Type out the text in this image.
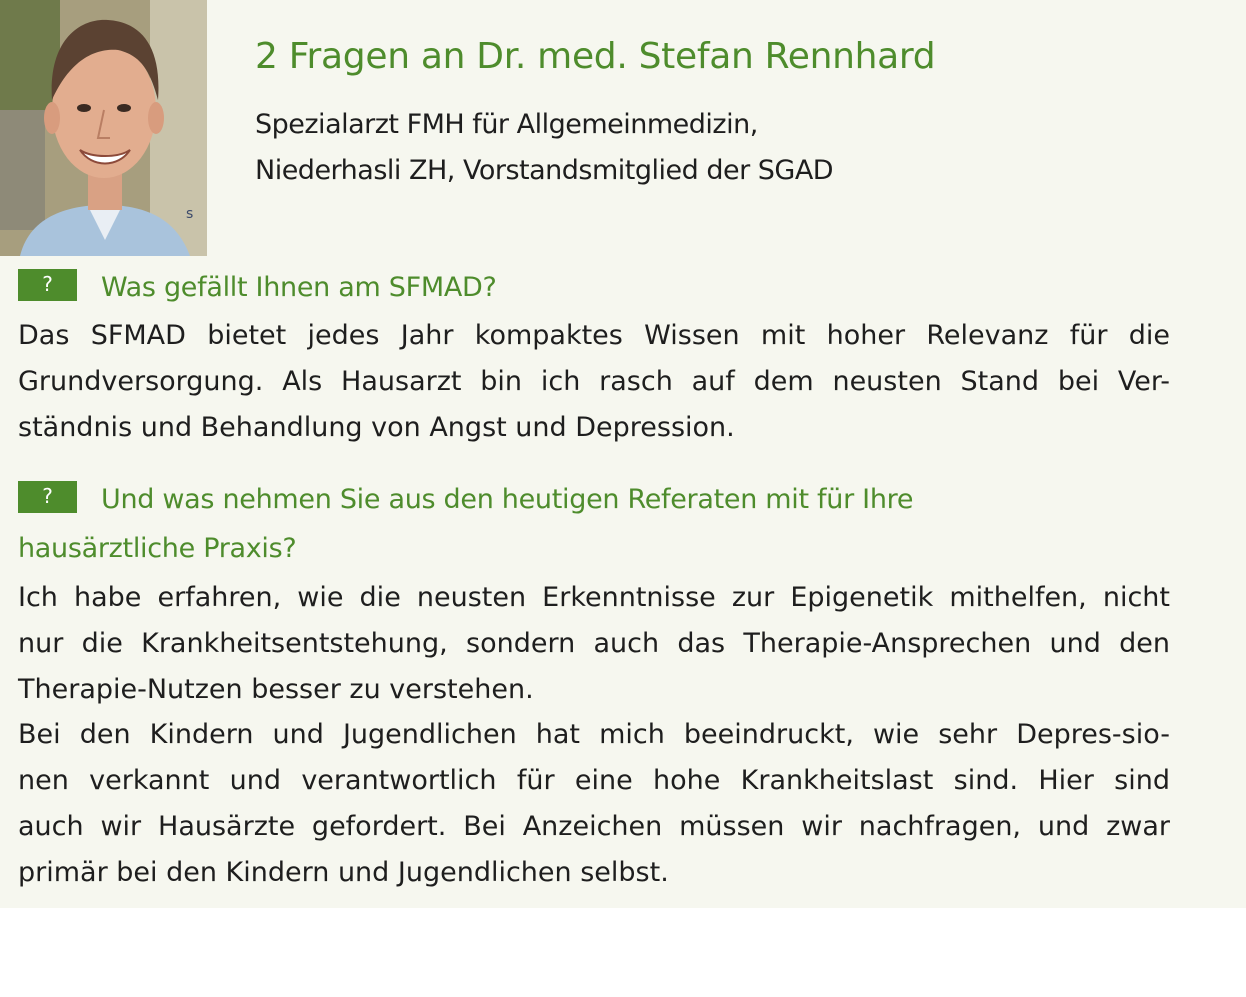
s
2 Fragen an Dr. med. Stefan Rennhard
Spezialarzt FMH für Allgemeinmedizin,
Niederhasli ZH, Vorstandsmitglied der SGAD
?	Was gefällt Ihnen am SFMAD?
Das SFMAD bietet jedes Jahr kompaktes Wissen mit hoher Relevanz für die
Grundversorgung. Als Hausarzt bin ich rasch auf dem neusten Stand bei Ver-
ständnis und Behandlung von Angst und Depression.
?	Und was nehmen Sie aus den heutigen Referaten mit für Ihre
hausärztliche Praxis?
Ich habe erfahren, wie die neusten Erkenntnisse zur Epigenetik mithelfen, nicht
nur die Krankheitsentstehung, sondern auch das Therapie-Ansprechen und den
Therapie-Nutzen besser zu verstehen.
Bei den Kindern und Jugendlichen hat mich beeindruckt, wie sehr Depres-sio-
nen verkannt und verantwortlich für eine hohe Krankheitslast sind. Hier sind
auch wir Hausärzte gefordert. Bei Anzeichen müssen wir nachfragen, und zwar
primär bei den Kindern und Jugendlichen selbst.
